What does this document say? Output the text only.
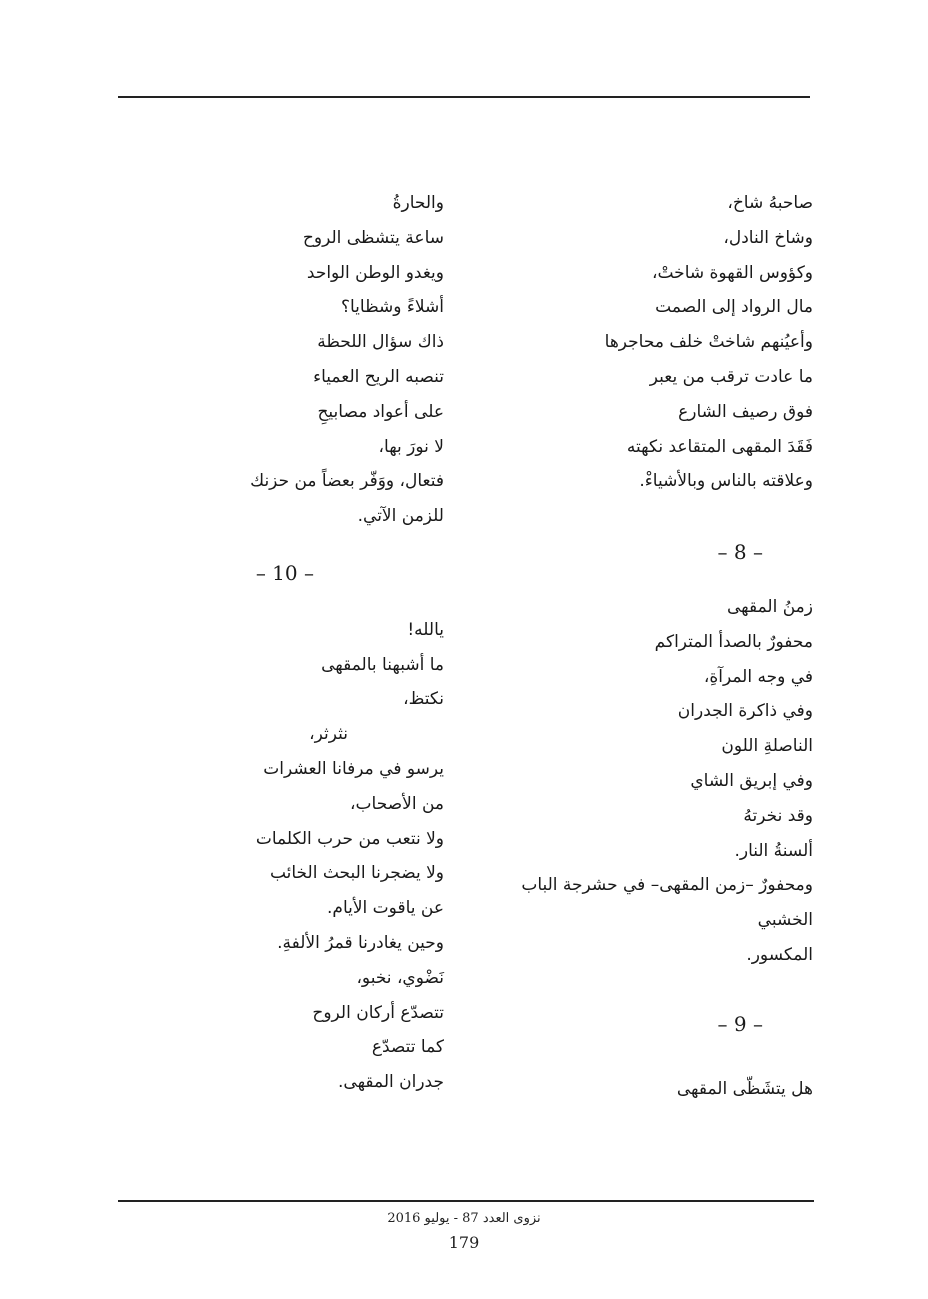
صاحبهُ شاخ،
وشاخ النادل،
وكؤوس القهوة شاختْ،
مال الرواد إلى الصمت
وأعيُنهم شاختْ خلف محاجرها
ما عادت ترقب من يعبر
فوق رصيف الشارع
فَقَدَ المقهى المتقاعد نكهته
وعلاقته بالناس وبالأشياءْ.
– 8 –
زمنُ المقهى
محفورٌ بالصدأ المتراكم
في وجه المرآةِ،
وفي ذاكرة الجدران
الناصلةِ اللون
وفي إبريق الشاي
وقد نخرتهُ
ألسنةُ النار.
ومحفورٌ –زمن المقهى– في حشرجة الباب
الخشبي
المكسور.
– 9 –
هل يتشَظّى المقهى
والحارةُ
ساعة يتشظى الروح
ويغدو الوطن الواحد
أشلاءً وشظايا؟
ذاك سؤال اللحظة
تنصبه الريح العمياء
على أعواد مصابيحِ
لا نورَ بها،
فتعال، ووَفّر بعضاً من حزنك
للزمن الآتي.
– 10 –
يالله!
ما أشبهنا بالمقهى
نكتظ،
نثرثر،
يرسو في مرفانا العشرات
من الأصحاب،
ولا نتعب من حرب الكلمات
ولا يضجرنا البحث الخائب
عن ياقوت الأيام.
وحين يغادرنا قمرُ الألفةِ.
نَضْوي، نخبو،
تتصدّع أركان الروح
كما تتصدّع
جدران المقهى.
نزوى العدد 87 - يوليو 2016
179
